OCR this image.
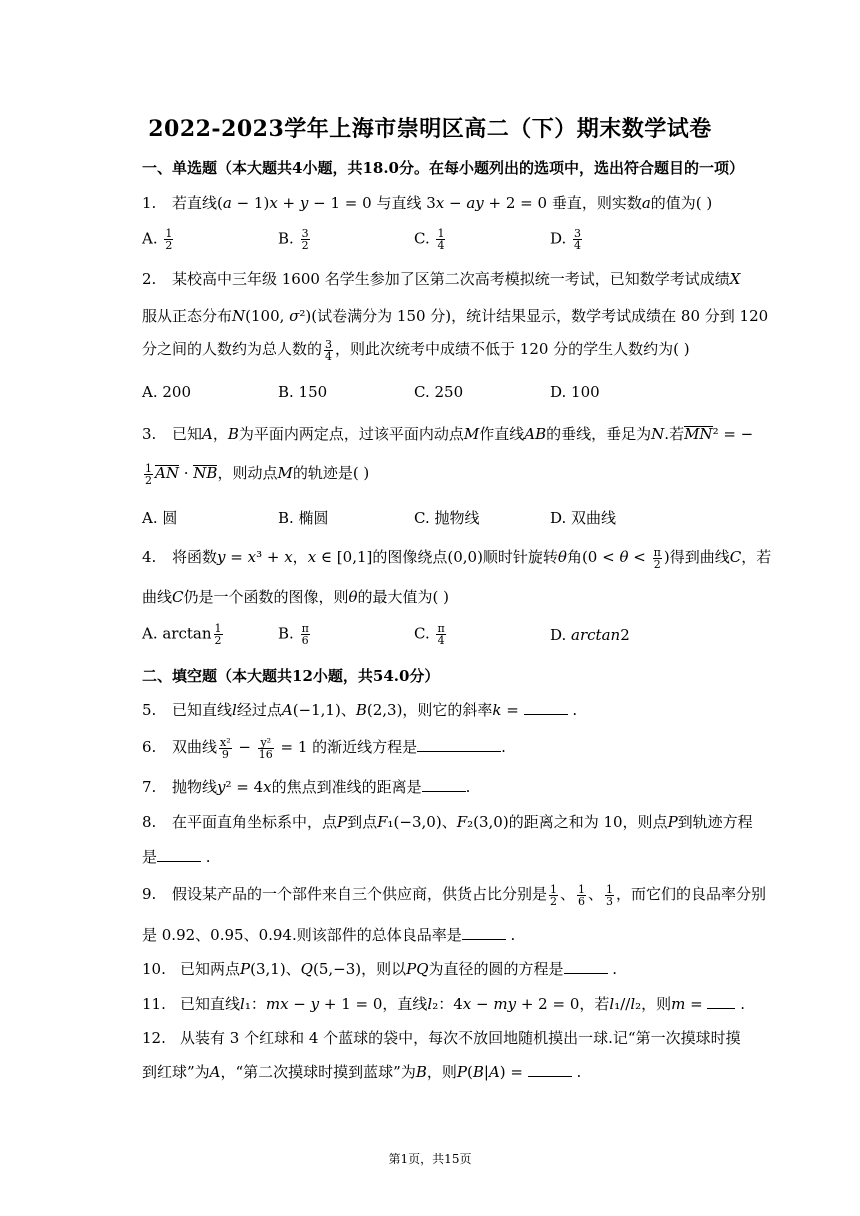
2022-2023学年上海市崇明区高二（下）期末数学试卷
一、单选题（本大题共4小题，共18.0分。在每小题列出的选项中，选出符合题目的一项）
1. 若直线(a − 1)x + y − 1 = 0 与直线 3x − ay + 2 = 0 垂直，则实数a的值为( )
A. $\frac{1}{2}$	B. $\frac{3}{2}$	C. $\frac{1}{4}$	D. $\frac{3}{4}$
2. 某校高中三年级 1600 名学生参加了区第二次高考模拟统一考试，已知数学考试成绩X
服从正态分布N(100, σ²)(试卷满分为 150 分)，统计结果显示，数学考试成绩在 80 分到 120
分之间的人数约为总人数的 $\frac{3}{4}$ ，则此次统考中成绩不低于 120 分的学生人数约为( )
A. 200	B. 150	C. 250	D. 100
3. 已知A，B为平面内两定点，过该平面内动点M作直线AB的垂线，垂足为N.若MN² = −
$\frac{1}{2}$ AN · NB，则动点M的轨迹是( )
A. 圆	B. 椭圆	C. 抛物线	D. 双曲线
4. 将函数y = x³ + x，x ∈ [0,1]的图像绕点(0,0)顺时针旋转θ角($0 < \theta < \frac{\pi}{2}$ )得到曲线C，若
曲线C仍是一个函数的图像，则θ的最大值为( )
A. $\arctan \frac{1}{2}$	B. $\frac{\pi}{6}$	C. $\frac{\pi}{4}$	D. arctan2
二、填空题（本大题共12小题，共54.0分）
5. 已知直线l经过点A(−1,1)、B(2,3)，则它的斜率k =	.
6. 双曲线 $\frac{\text{x²}}{9} - \frac{\text{y²}}{16} = 1$ 的渐近线方程是	.
7. 抛物线y² = 4x的焦点到准线的距离是	.
8. 在平面直角坐标系中，点P到点F₁(−3,0)、F₂(3,0)的距离之和为 10，则点P到轨迹方程
是	.
9. 假设某产品的一个部件来自三个供应商，供货占比分别是 $\frac{1}{2}$ 、 $\frac{1}{6}$ 、 $\frac{1}{3}$ ，而它们的良品率分别
是 0.92、0.95、0.94.则该部件的总体良品率是	.
10. 已知两点P(3,1)、Q(5,−3)，则以PQ为直径的圆的方程是	.
11. 已知直线l₁：mx − y + 1 = 0，直线l₂：4x − my + 2 = 0，若l₁//l₂，则m =  .
12. 从装有 3 个红球和 4 个蓝球的袋中，每次不放回地随机摸出一球.记“第一次摸球时摸
到红球”为A，“第二次摸球时摸到蓝球”为B，则P(B|A) =	.
第1页，共15页
